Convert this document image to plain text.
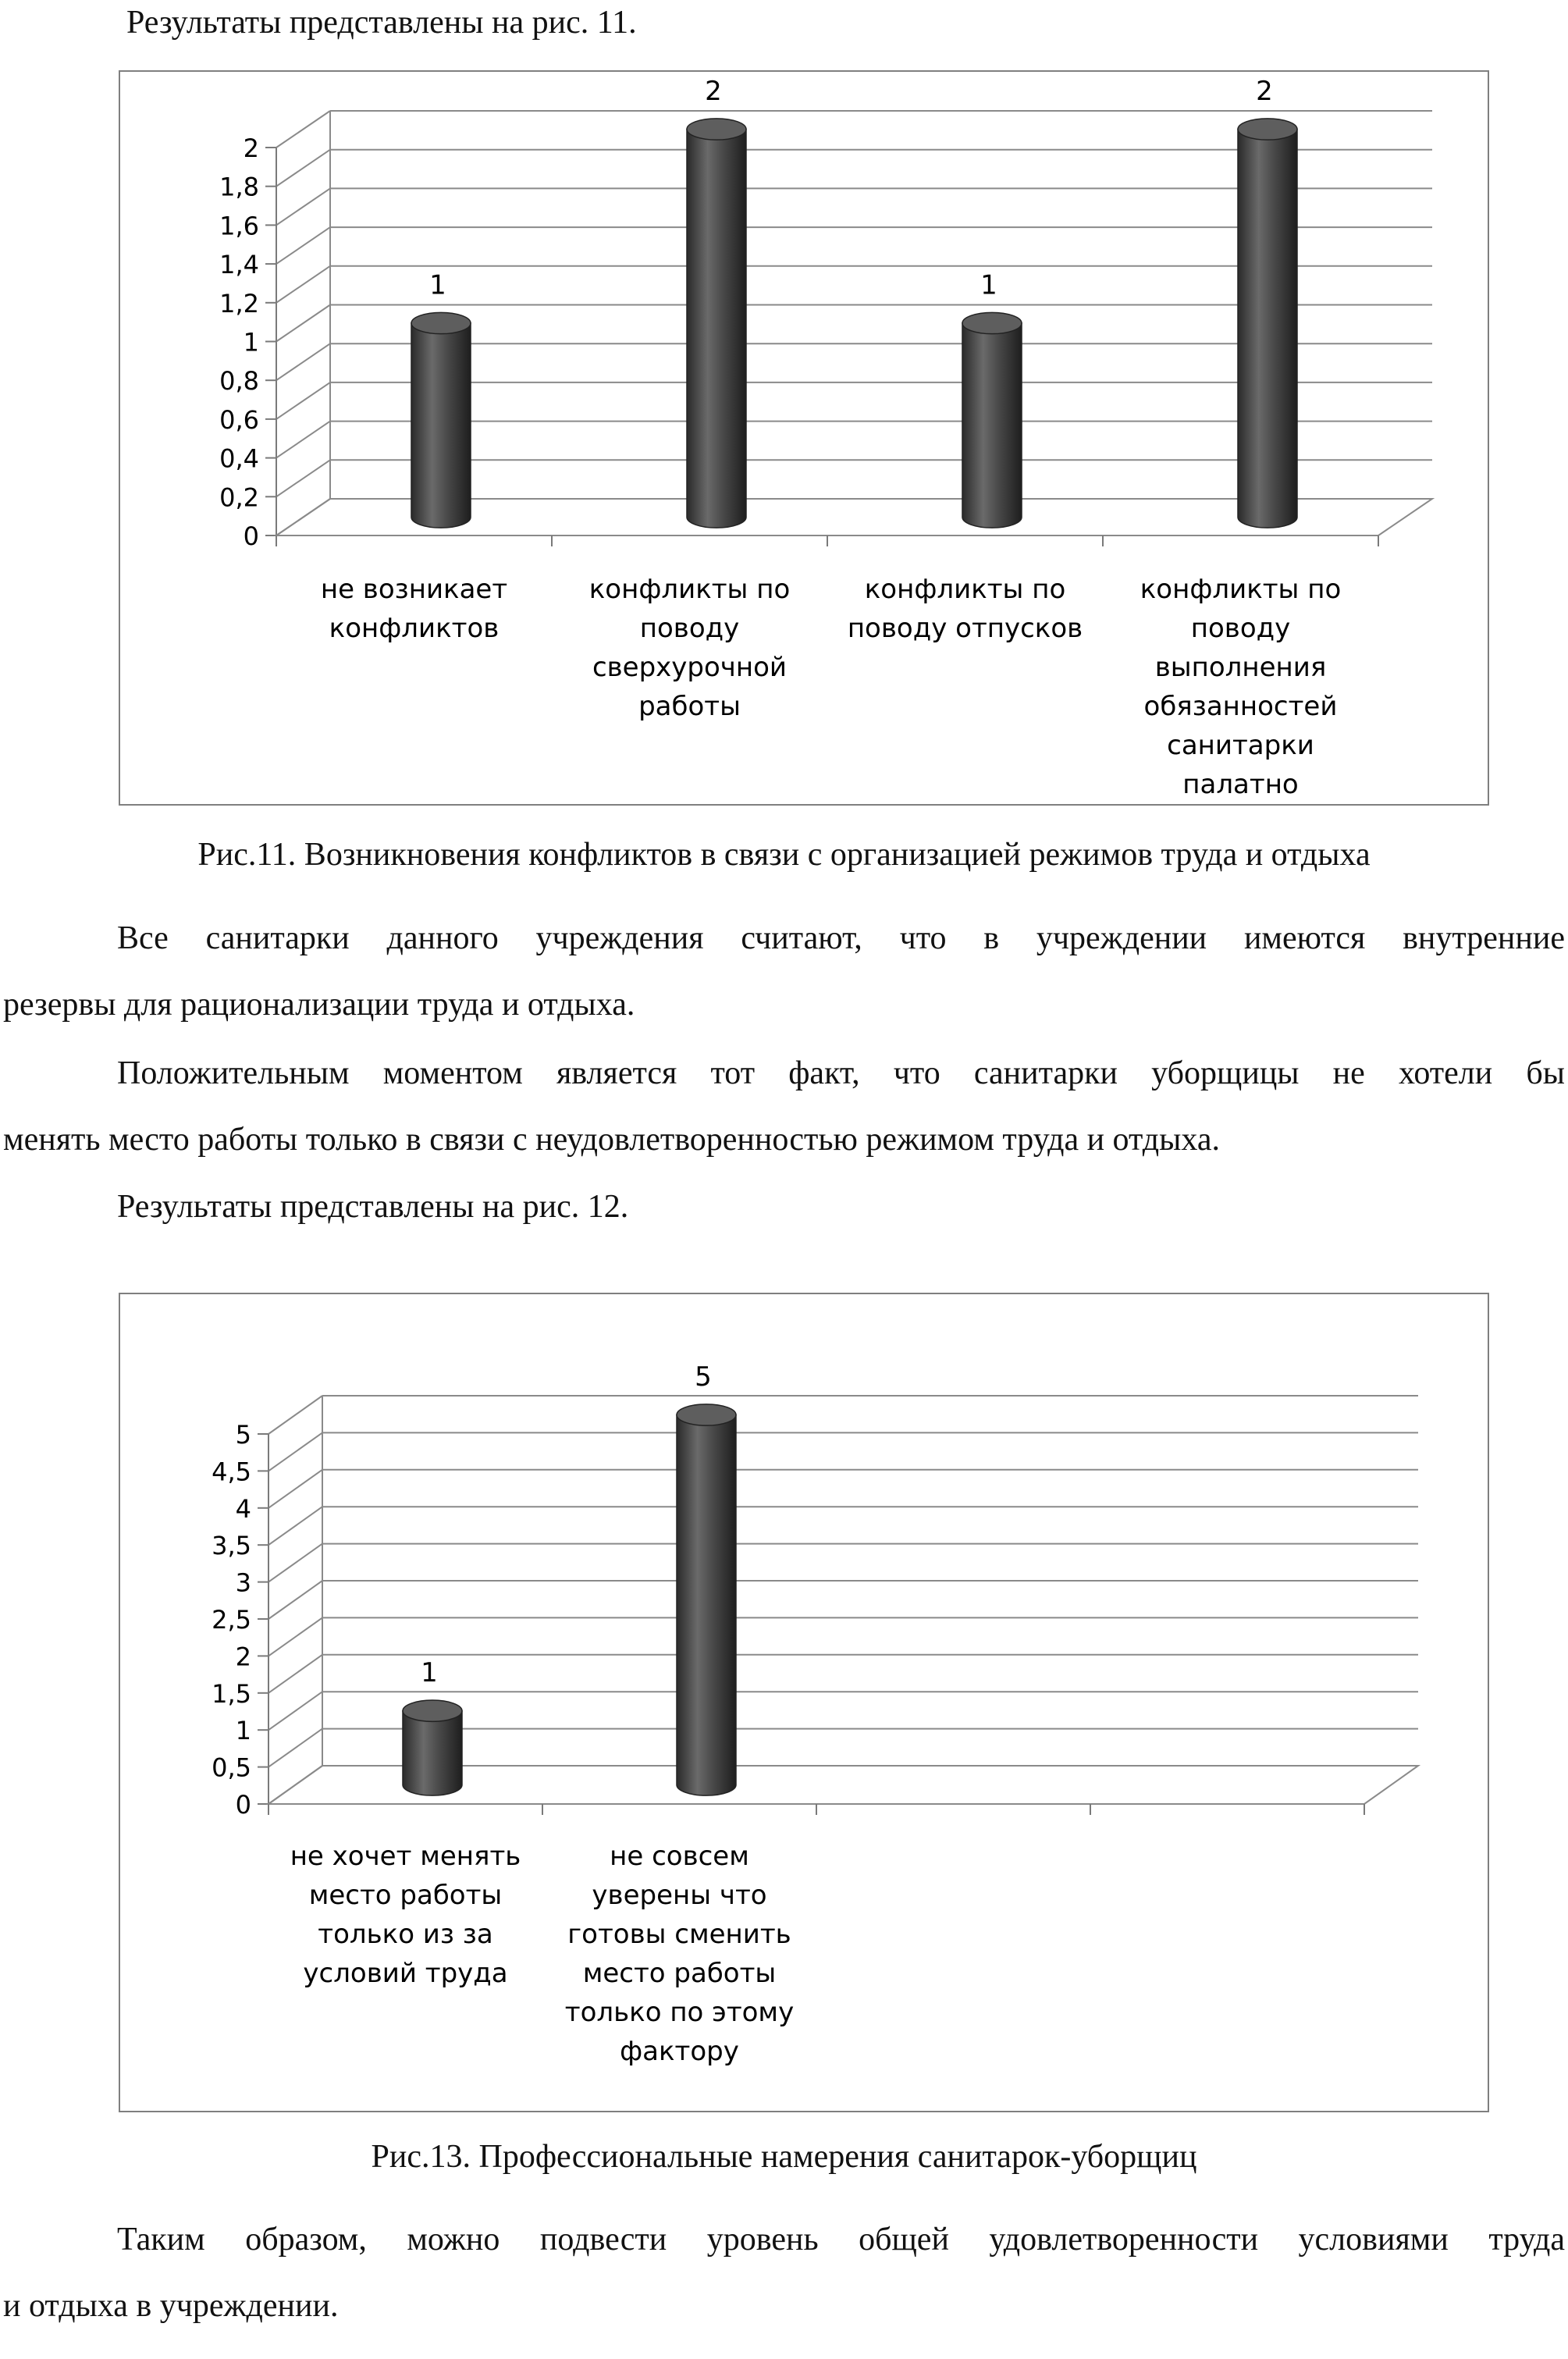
Результаты представлены на рис. 11.
0
0,2
0,4
0,6
0,8
1
1,2
1,4
1,6
1,8
2
1
2
1
2
не возникает
конфликтов
конфликты по
поводу
сверхурочной
работы
конфликты по
поводу отпусков
конфликты по
поводу
выполнения
обязанностей
санитарки палатно
Рис.11. Возникновения конфликтов в связи с организацией режимов труда и отдыха
Все санитарки данного учреждения считают, что в учреждении имеются внутренние
резервы для рационализации труда и отдыха.
Положительным моментом является тот факт, что санитарки уборщицы не хотели бы
менять место работы только в связи с неудовлетворенностью режимом труда и отдыха.
Результаты представлены на рис. 12.
0
0,5
1
1,5
2
2,5
3
3,5
4
4,5
5
1
5
не хочет менять
место работы
только из за
условий труда
не совсем
уверены что
готовы сменить
место работы
только по этому
фактору
Рис.13. Профессиональные намерения санитарок-уборщиц
Таким образом, можно подвести уровень общей удовлетворенности условиями труда
и отдыха в учреждении.
